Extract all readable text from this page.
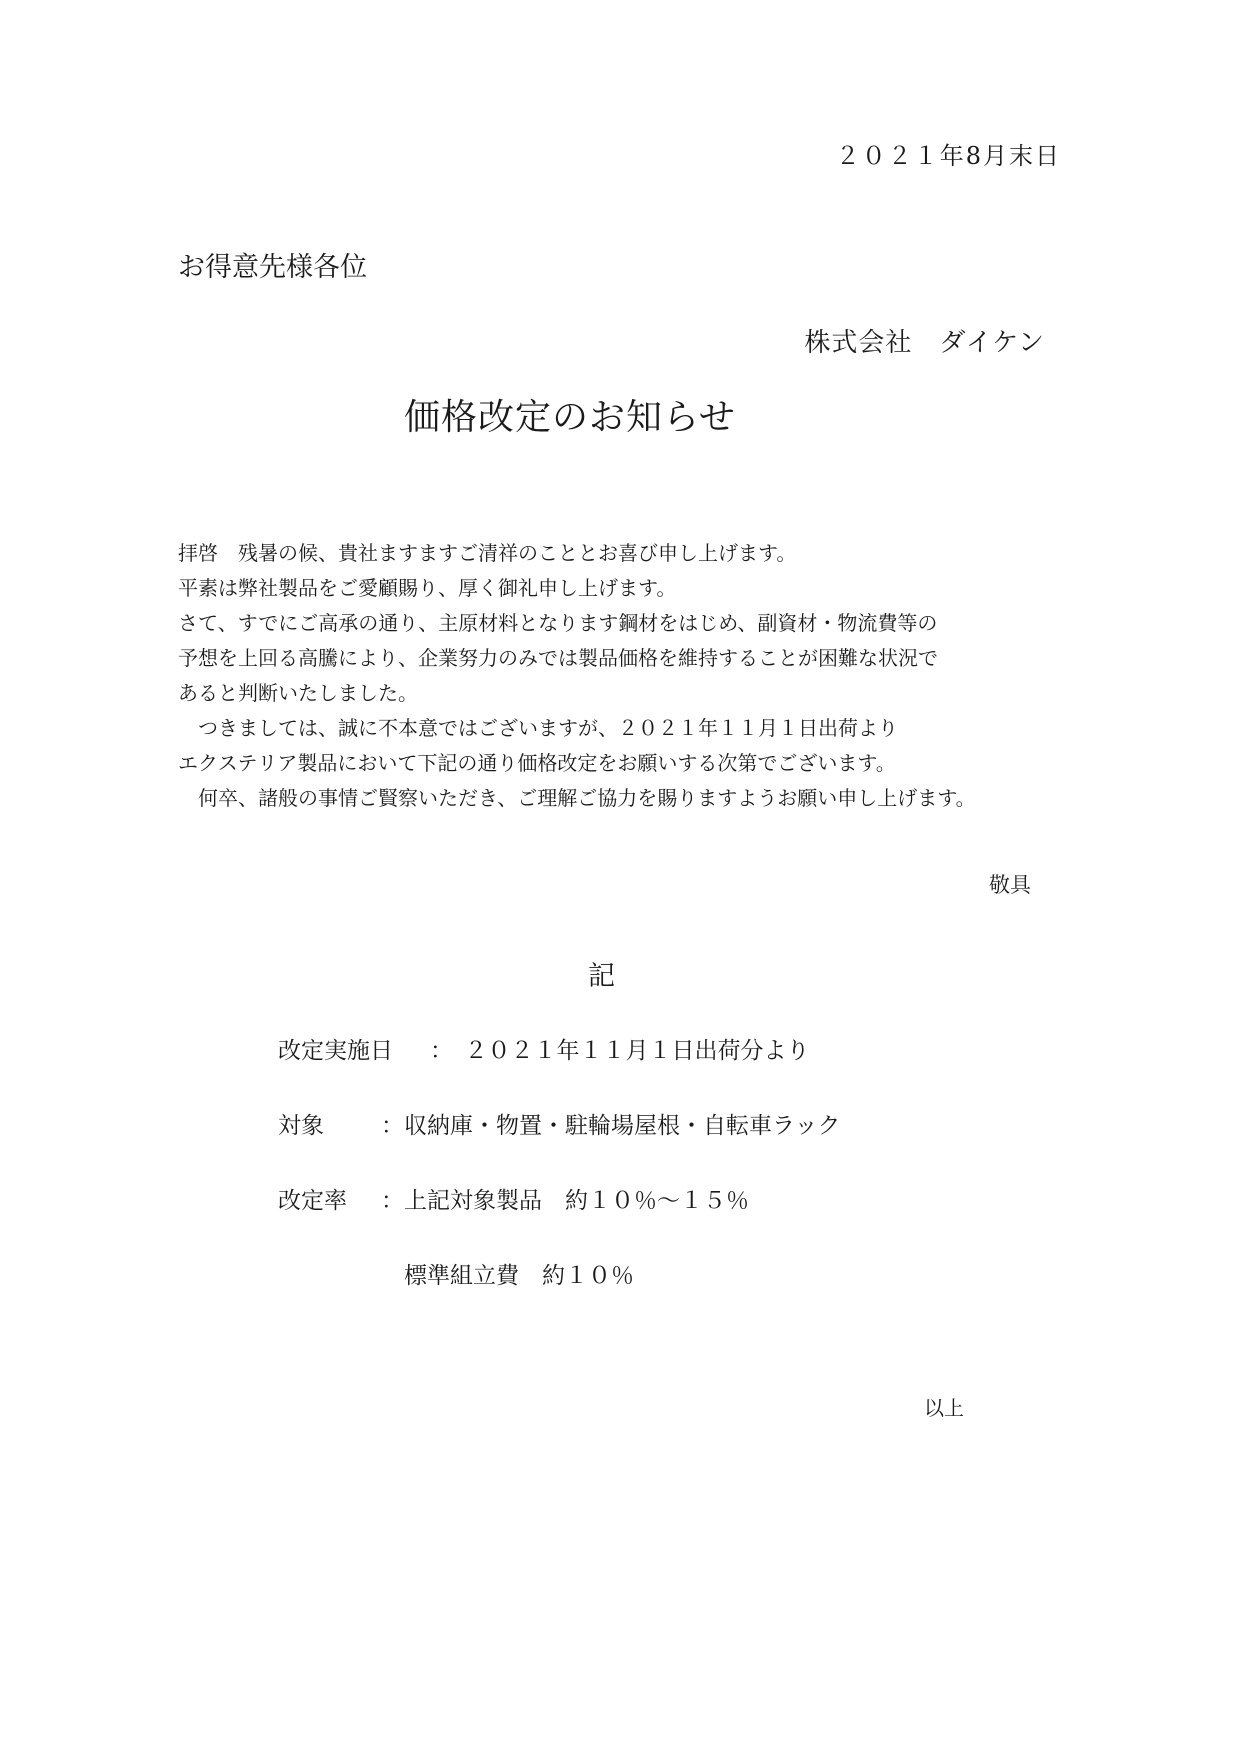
２０２１年8月末日
お得意先様各位
株式会社　ダイケン
価格改定のお知らせ
拝啓　残暑の候、貴社ますますご清祥のこととお喜び申し上げます。
平素は弊社製品をご愛顧賜り、厚く御礼申し上げます。
さて、すでにご高承の通り、主原材料となります鋼材をはじめ、副資材・物流費等の
予想を上回る高騰により、企業努力のみでは製品価格を維持することが困難な状況で
あると判断いたしました。
　つきましては、誠に不本意ではございますが、２０２１年１１月１日出荷より
エクステリア製品において下記の通り価格改定をお願いする次第でございます。
　何卒、諸般の事情ご賢察いただき、ご理解ご協力を賜りますようお願い申し上げます。
敬具
記
改定実施日 ：　２０２１年１１月１日出荷分より
対象 ：収納庫・物置・駐輪場屋根・自転車ラック
改定率 ：上記対象製品　約１０％～１５％
標準組立費　約１０％
以上
